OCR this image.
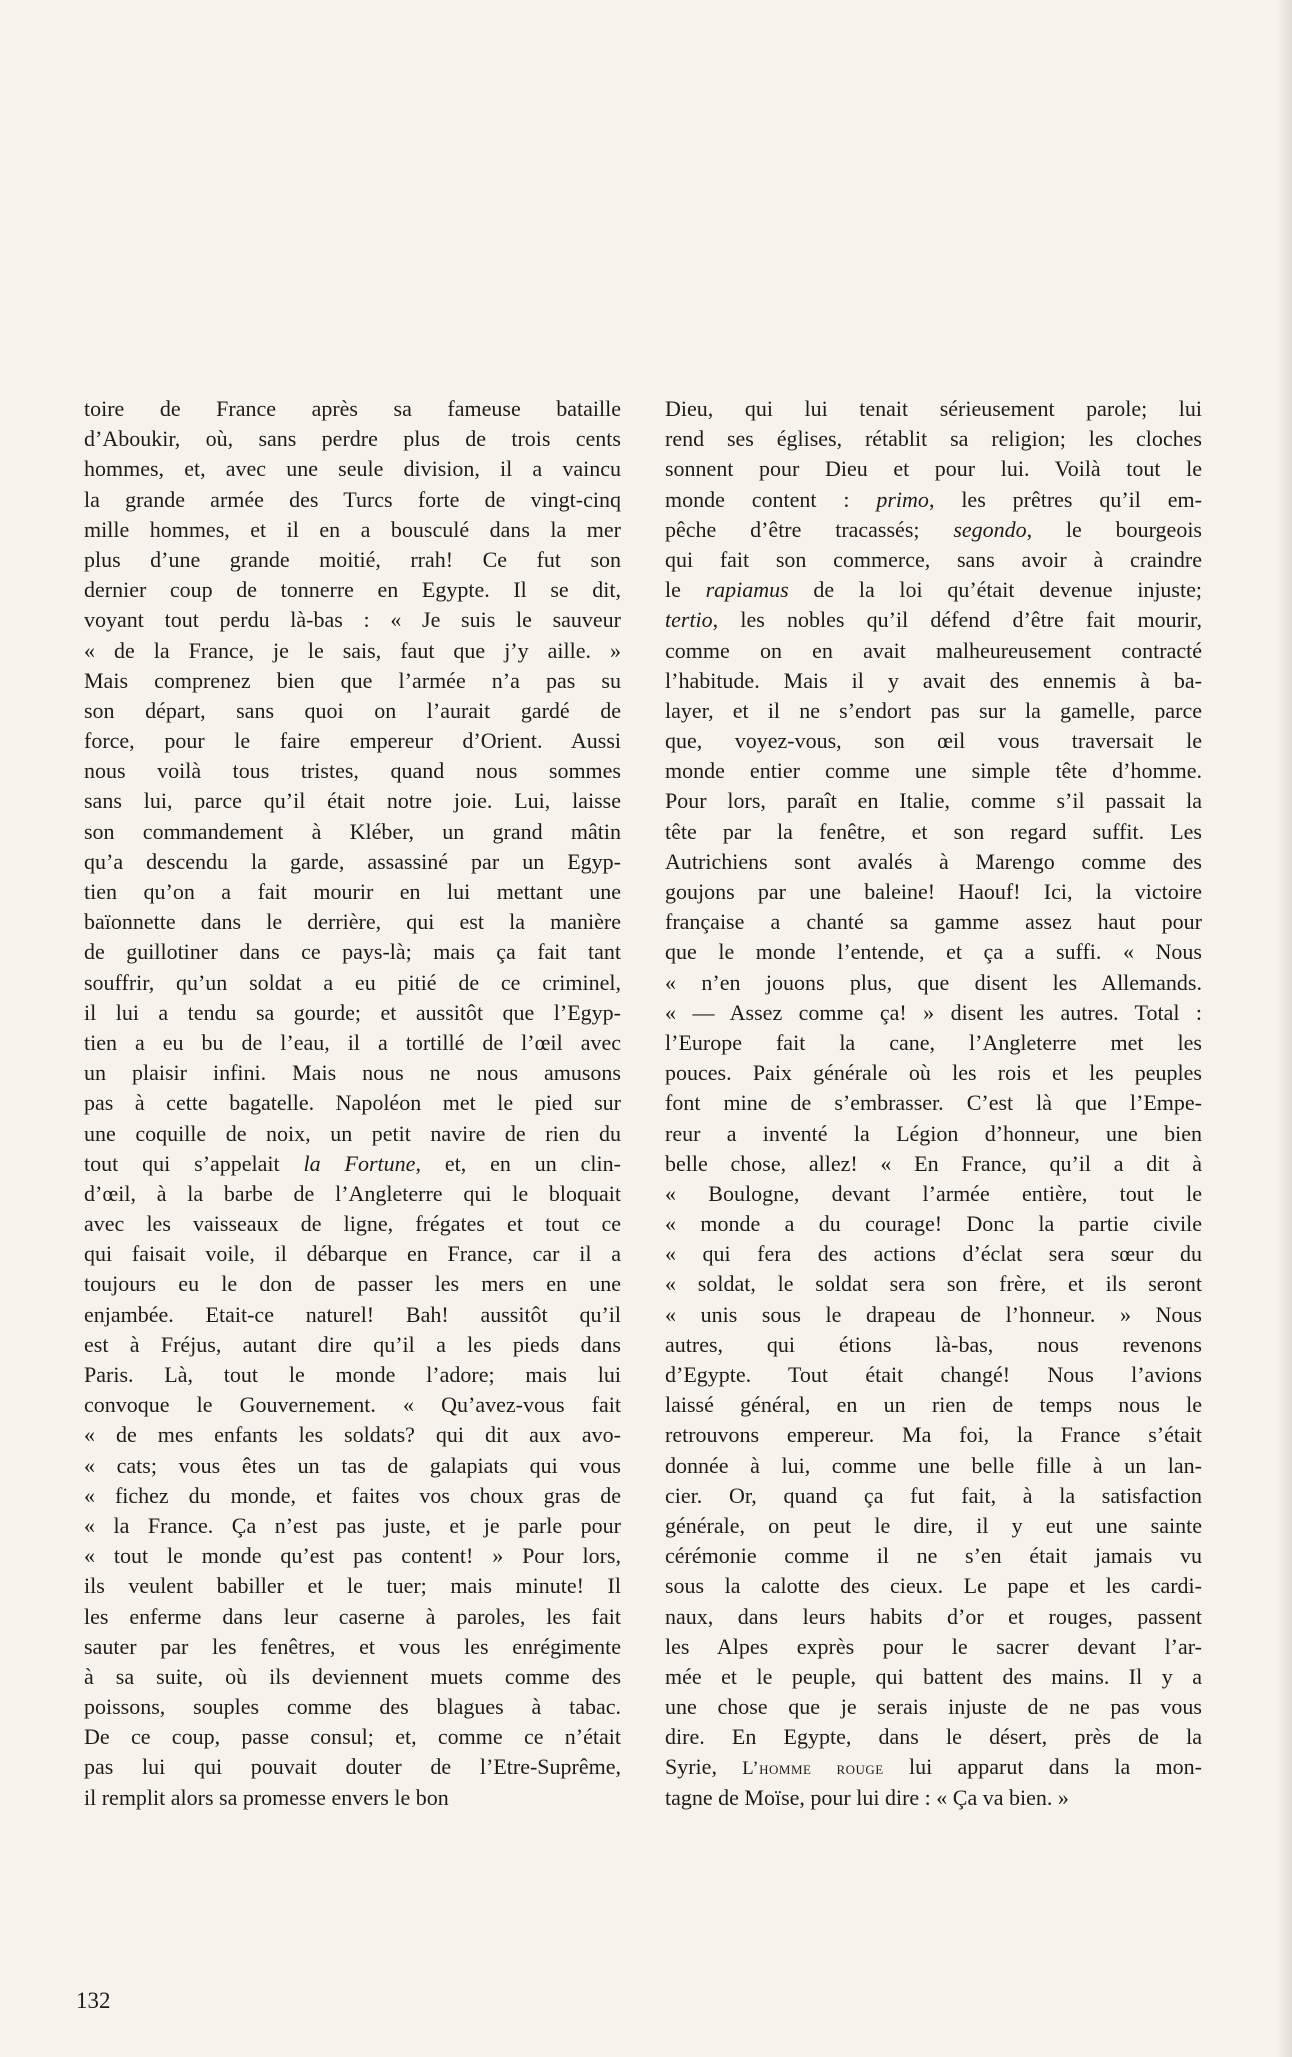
toire de France après sa fameuse bataille
d’Aboukir, où, sans perdre plus de trois cents
hommes, et, avec une seule division, il a vaincu
la grande armée des Turcs forte de vingt-cinq
mille hommes, et il en a bousculé dans la mer
plus d’une grande moitié, rrah! Ce fut son
dernier coup de tonnerre en Egypte. Il se dit,
voyant tout perdu là-bas : « Je suis le sauveur
« de la France, je le sais, faut que j’y aille. »
Mais comprenez bien que l’armée n’a pas su
son départ, sans quoi on l’aurait gardé de
force, pour le faire empereur d’Orient. Aussi
nous voilà tous tristes, quand nous sommes
sans lui, parce qu’il était notre joie. Lui, laisse
son commandement à Kléber, un grand mâtin
qu’a descendu la garde, assassiné par un Egyp-
tien qu’on a fait mourir en lui mettant une
baïonnette dans le derrière, qui est la manière
de guillotiner dans ce pays-là; mais ça fait tant
souffrir, qu’un soldat a eu pitié de ce criminel,
il lui a tendu sa gourde; et aussitôt que l’Egyp-
tien a eu bu de l’eau, il a tortillé de l’œil avec
un plaisir infini. Mais nous ne nous amusons
pas à cette bagatelle. Napoléon met le pied sur
une coquille de noix, un petit navire de rien du
tout qui s’appelait la Fortune, et, en un clin-
d’œil, à la barbe de l’Angleterre qui le bloquait
avec les vaisseaux de ligne, frégates et tout ce
qui faisait voile, il débarque en France, car il a
toujours eu le don de passer les mers en une
enjambée. Etait-ce naturel! Bah! aussitôt qu’il
est à Fréjus, autant dire qu’il a les pieds dans
Paris. Là, tout le monde l’adore; mais lui
convoque le Gouvernement. « Qu’avez-vous fait
« de mes enfants les soldats? qui dit aux avo-
« cats; vous êtes un tas de galapiats qui vous
« fichez du monde, et faites vos choux gras de
« la France. Ça n’est pas juste, et je parle pour
« tout le monde qu’est pas content! » Pour lors,
ils veulent babiller et le tuer; mais minute! Il
les enferme dans leur caserne à paroles, les fait
sauter par les fenêtres, et vous les enrégimente
à sa suite, où ils deviennent muets comme des
poissons, souples comme des blagues à tabac.
De ce coup, passe consul; et, comme ce n’était
pas lui qui pouvait douter de l’Etre-Suprême,
il remplit alors sa promesse envers le bon
Dieu, qui lui tenait sérieusement parole; lui
rend ses églises, rétablit sa religion; les cloches
sonnent pour Dieu et pour lui. Voilà tout le
monde content : primo, les prêtres qu’il em-
pêche d’être tracassés; segondo, le bourgeois
qui fait son commerce, sans avoir à craindre
le rapiamus de la loi qu’était devenue injuste;
tertio, les nobles qu’il défend d’être fait mourir,
comme on en avait malheureusement contracté
l’habitude. Mais il y avait des ennemis à ba-
layer, et il ne s’endort pas sur la gamelle, parce
que, voyez-vous, son œil vous traversait le
monde entier comme une simple tête d’homme.
Pour lors, paraît en Italie, comme s’il passait la
tête par la fenêtre, et son regard suffit. Les
Autrichiens sont avalés à Marengo comme des
goujons par une baleine! Haouf! Ici, la victoire
française a chanté sa gamme assez haut pour
que le monde l’entende, et ça a suffi. « Nous
« n’en jouons plus, que disent les Allemands.
« — Assez comme ça! » disent les autres. Total :
l’Europe fait la cane, l’Angleterre met les
pouces. Paix générale où les rois et les peuples
font mine de s’embrasser. C’est là que l’Empe-
reur a inventé la Légion d’honneur, une bien
belle chose, allez! « En France, qu’il a dit à
« Boulogne, devant l’armée entière, tout le
« monde a du courage! Donc la partie civile
« qui fera des actions d’éclat sera sœur du
« soldat, le soldat sera son frère, et ils seront
« unis sous le drapeau de l’honneur. » Nous
autres, qui étions là-bas, nous revenons
d’Egypte. Tout était changé! Nous l’avions
laissé général, en un rien de temps nous le
retrouvons empereur. Ma foi, la France s’était
donnée à lui, comme une belle fille à un lan-
cier. Or, quand ça fut fait, à la satisfaction
générale, on peut le dire, il y eut une sainte
cérémonie comme il ne s’en était jamais vu
sous la calotte des cieux. Le pape et les cardi-
naux, dans leurs habits d’or et rouges, passent
les Alpes exprès pour le sacrer devant l’ar-
mée et le peuple, qui battent des mains. Il y a
une chose que je serais injuste de ne pas vous
dire. En Egypte, dans le désert, près de la
Syrie, L’homme rouge lui apparut dans la mon-
tagne de Moïse, pour lui dire : « Ça va bien. »
132
